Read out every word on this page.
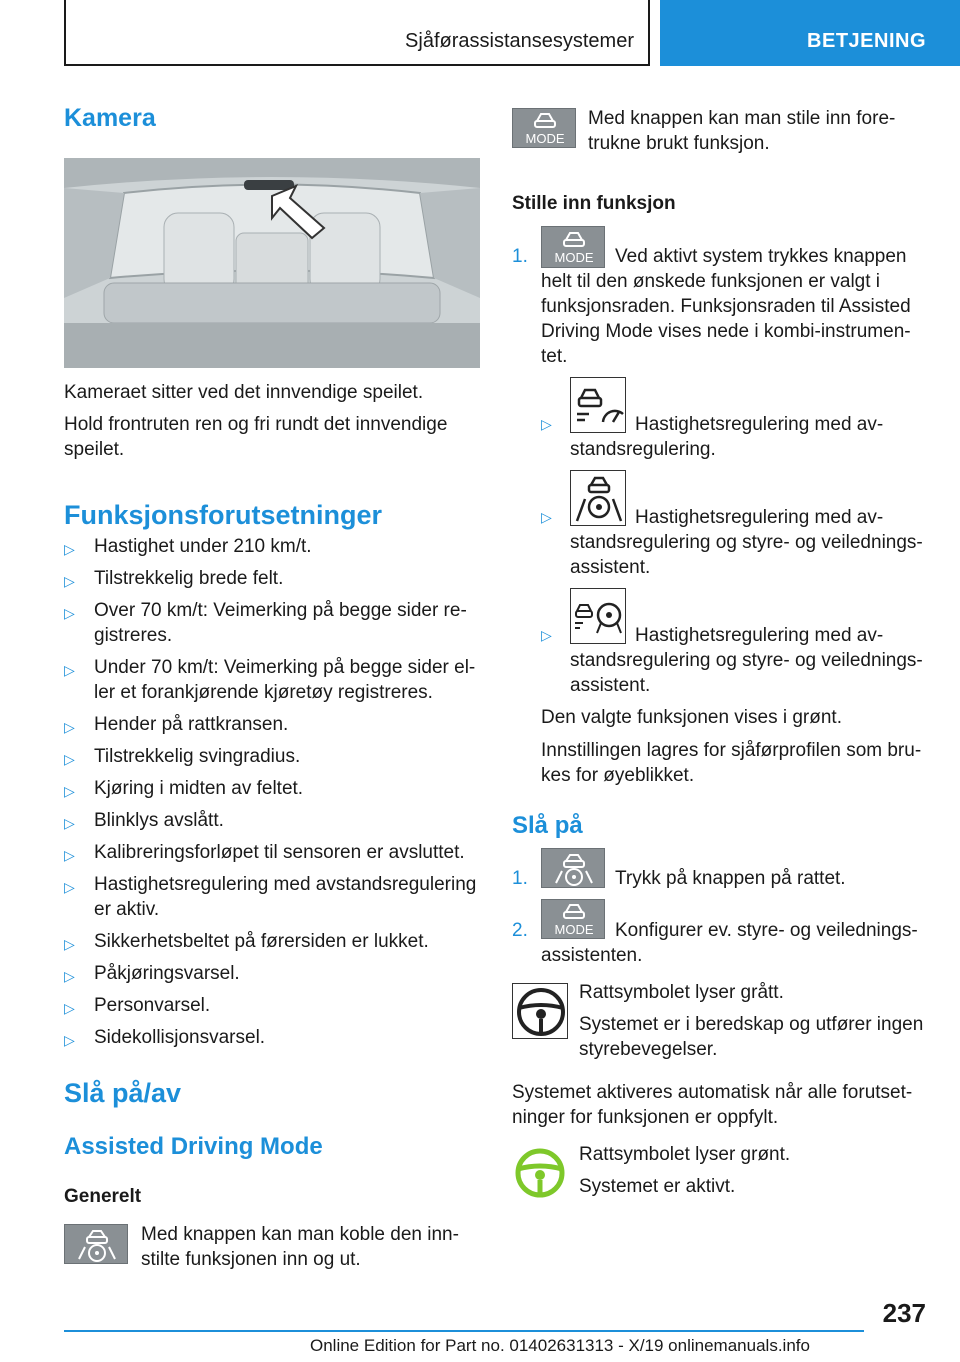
Sjåførassistansesystemer	BETJENING
Kamera
Kameraet sitter ved det innvendige speilet.
Hold frontruten ren og fri rundt det innvendige
speilet.
Funksjonsforutsetninger
▷ Hastighet under 210 km/t.
▷ Tilstrekkelig brede felt.
▷ Over 70 km/t: Veimerking på begge sider re‐
gistreres.
▷ Under 70 km/t: Veimerking på begge sider el‐
ler et forankjørende kjøretøy registreres.
▷ Hender på rattkransen.
▷ Tilstrekkelig svingradius.
▷ Kjøring i midten av feltet.
▷ Blinklys avslått.
▷ Kalibreringsforløpet til sensoren er avsluttet.
▷ Hastighetsregulering med avstandsregulering
er aktiv.
▷ Sikkerhetsbeltet på førersiden er lukket.
▷ Påkjøringsvarsel.
▷ Personvarsel.
▷ Sidekollisjonsvarsel.
Slå på/av
Assisted Driving Mode
Generelt
Med knappen kan man koble den inn‐
stilte funksjonen inn og ut.
MODE
Med knappen kan man stile inn fore‐
trukne brukt funksjon.
Stille inn funksjon
1. MODE Ved aktivt system trykkes knappen
helt til den ønskede funksjonen er valgt i
funksjonsraden. Funksjonsraden til Assisted
Driving Mode vises nede i kombi-instrumen‐
tet.
▷	Hastighetsregulering med av‐
standsregulering.
▷	Hastighetsregulering med av‐
standsregulering og styre- og veilednings‐
assistent.
▷	Hastighetsregulering med av‐
standsregulering og styre- og veilednings‐
assistent.
Den valgte funksjonen vises i grønt.
Innstillingen lagres for sjåførprofilen som bru‐
kes for øyeblikket.
Slå på
1.	Trykk på knappen på rattet.
2. MODE Konfigurer ev. styre- og veilednings‐
assistenten.
Rattsymbolet lyser grått.
Systemet er i beredskap og utfører ingen
styrebevegelser.
Systemet aktiveres automatisk når alle forutset‐
ninger for funksjonen er oppfylt.
Rattsymbolet lyser grønt.
Systemet er aktivt.
237
Online Edition for Part no. 01402631313 - X/19 onlinemanuals.info
